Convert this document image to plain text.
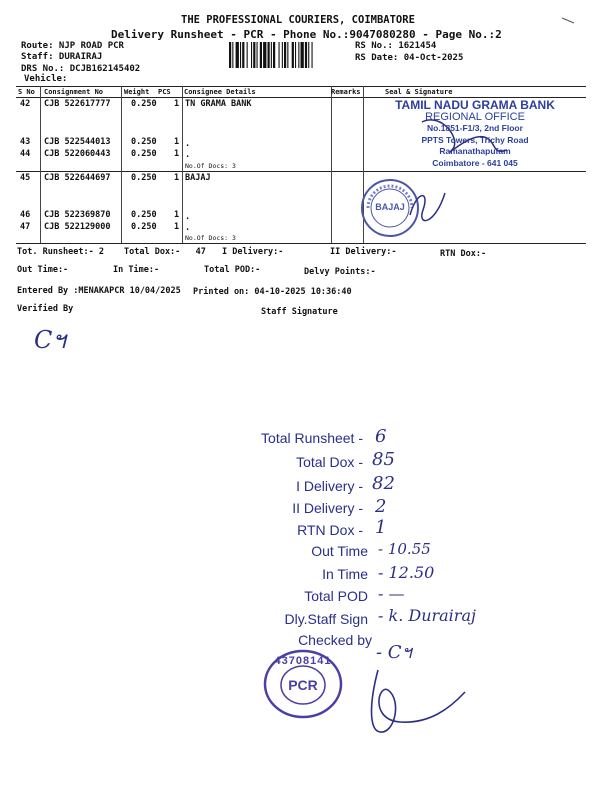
THE PROFESSIONAL COURIERS, COIMBATORE
Delivery Runsheet - PCR - Phone No.:9047080280 - Page No.:2
Route: NJP ROAD PCR
Staff: DURAIRAJ
DRS No.: DCJB162145402
Vehicle:
RS No.: 1621454
RS Date: 04-Oct-2025
S No Consignment No	Weight PCS Consignee Details	Remarks	Seal & Signature
42 CJB 522617777 0.250 1 TN GRAMA BANK
43 CJB 522544013 0.250 1 .
44 CJB 522060443 0.250 1 .
No.Of Docs: 3
45 CJB 522644697 0.250 1 BAJAJ
46 CJB 522369870 0.250 1 .
47 CJB 522129000 0.250 1 .
No.Of Docs: 3
TAMIL NADU GRAMA BANK
REGIONAL OFFICE
No.1851-F1/3, 2nd Floor
PPTS Towers, Trichy Road
Ramanathapufam
Coimbatore - 641 045
BAJAJ
Tot. Runsheet:- 2 Total Dox:-   47 I Delivery:-	II Delivery:-	RTN Dox:-
Out Time:-	In Time:-	Total POD:-	Delvy Points:-
Entered By :MENAKAPCR 10/04/2025 Printed on: 04-10-2025 10:36:40
Verified By	Staff Signature
Cฯ
Total Runsheet - 6
Total Dox - 85
I Delivery - 82
II Delivery - 2
RTN Dox - 1
Out Time - 10.55
In Time - 12.50
Total POD - —
Dly.Staff Sign - k. Durairaj
Checked by
- Cฯ
43708141
PCR
